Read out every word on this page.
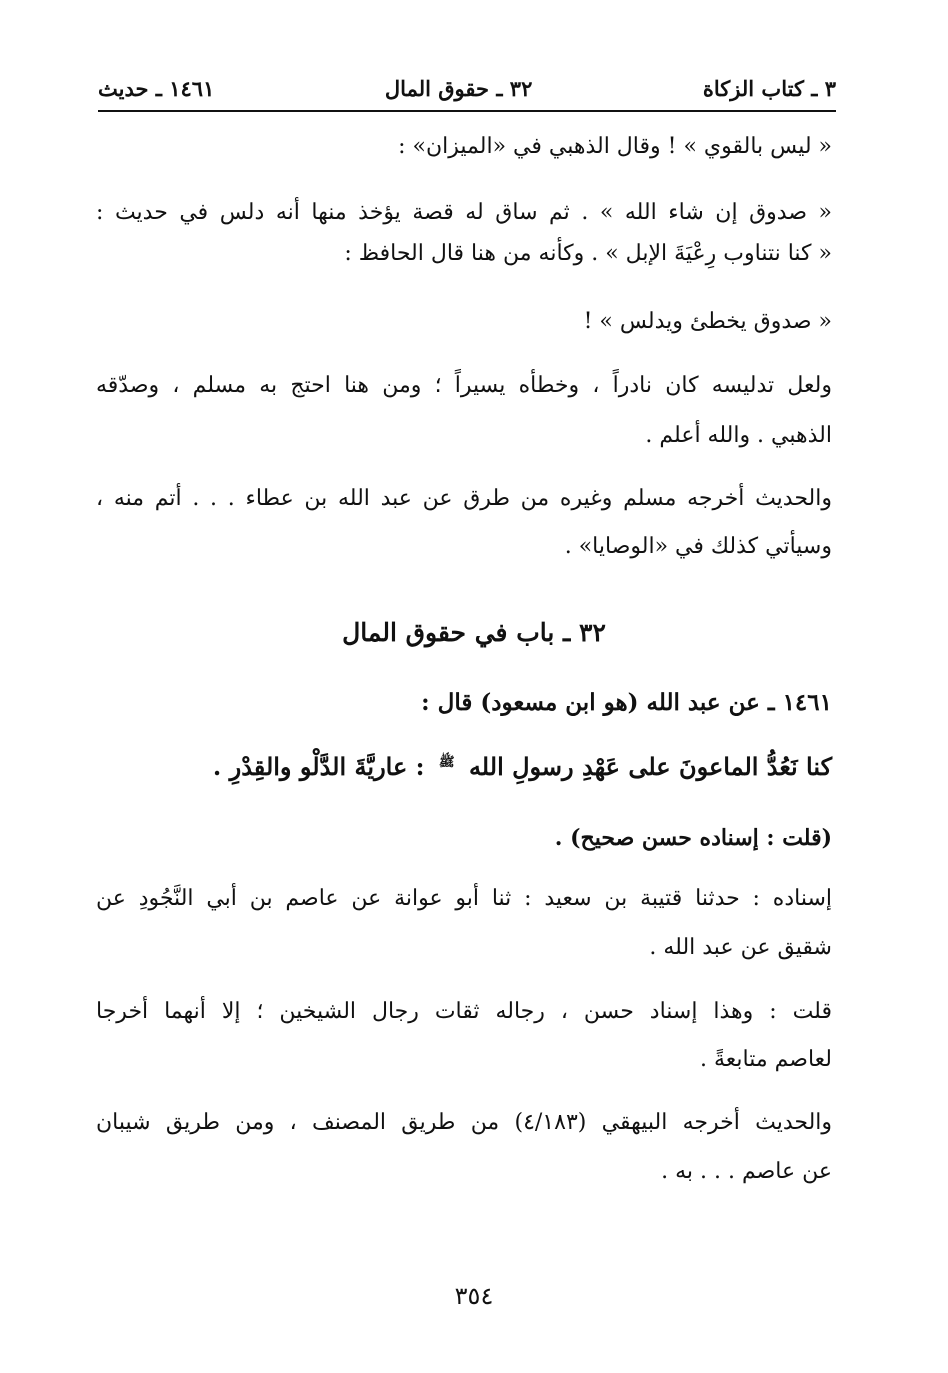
٣ ـ كتاب الزكاة
٣٢ ـ حقوق المال
١٤٦١ ـ حديث
« ليس بالقوي » ! وقال الذهبي في «الميزان» :
« صدوق إن شاء الله » . ثم ساق له قصة يؤخذ منها أنه دلس في حديث :
« كنا نتناوب رِعْيَةَ الإبل » . وكأنه من هنا قال الحافظ :
« صدوق يخطئ ويدلس » !
ولعل تدليسه كان نادراً ، وخطأه يسيراً ؛ ومن هنا احتج به مسلم ، وصدّقه
الذهبي . والله أعلم .
والحديث أخرجه مسلم وغيره من طرق عن عبد الله بن عطاء . . . أتم منه ،
وسيأتي كذلك في «الوصايا» .
٣٢ ـ باب في حقوق المال
١٤٦١ ـ عن عبد الله (هو ابن مسعود) قال :
كنا نَعُدُّ الماعونَ على عَهْدِ رسولِ الله ﷺ : عاريَّةَ الدَّلْو والقِدْرِ .
(قلت : إسناده حسن صحيح) .
إسناده : حدثنا قتيبة بن سعيد : ثنا أبو عوانة عن عاصم بن أبي النَّجُودِ عن
شقيق عن عبد الله .
قلت : وهذا إسناد حسن ، رجاله ثقات رجال الشيخين ؛ إلا أنهما أخرجا
لعاصم متابعةً .
والحديث أخرجه البيهقي (٤/١٨٣) من طريق المصنف ، ومن طريق شيبان
عن عاصم . . . به .
٣٥٤
